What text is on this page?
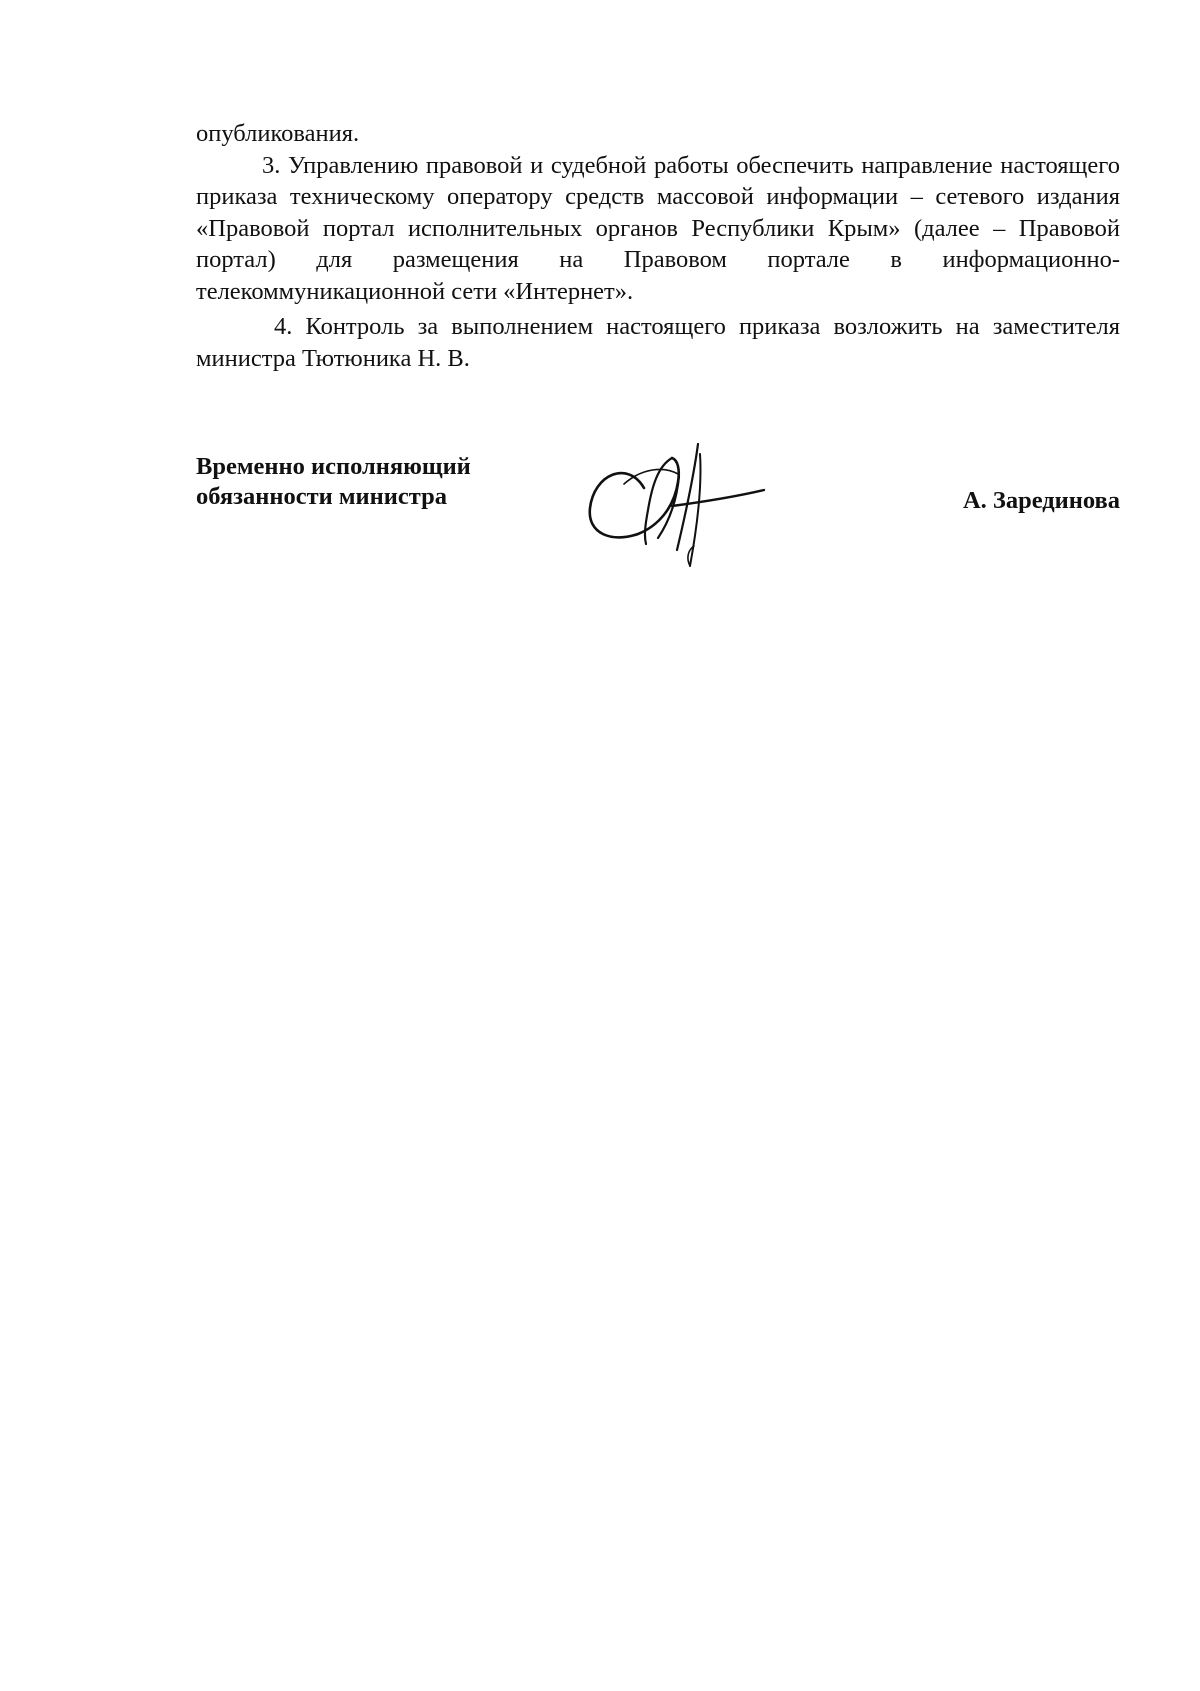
опубликования.

3. Управлению правовой и судебной работы обеспечить направление настоящего приказа техническому оператору средств массовой информации – сетевого издания «Правовой портал исполнительных органов Республики Крым» (далее – Правовой портал) для размещения на Правовом портале в информационно-телекоммуникационной сети «Интернет».

4. Контроль за выполнением настоящего приказа возложить на заместителя министра Тютюника Н. В.

Временно исполняющий
обязанности министра	А. Зарединова
